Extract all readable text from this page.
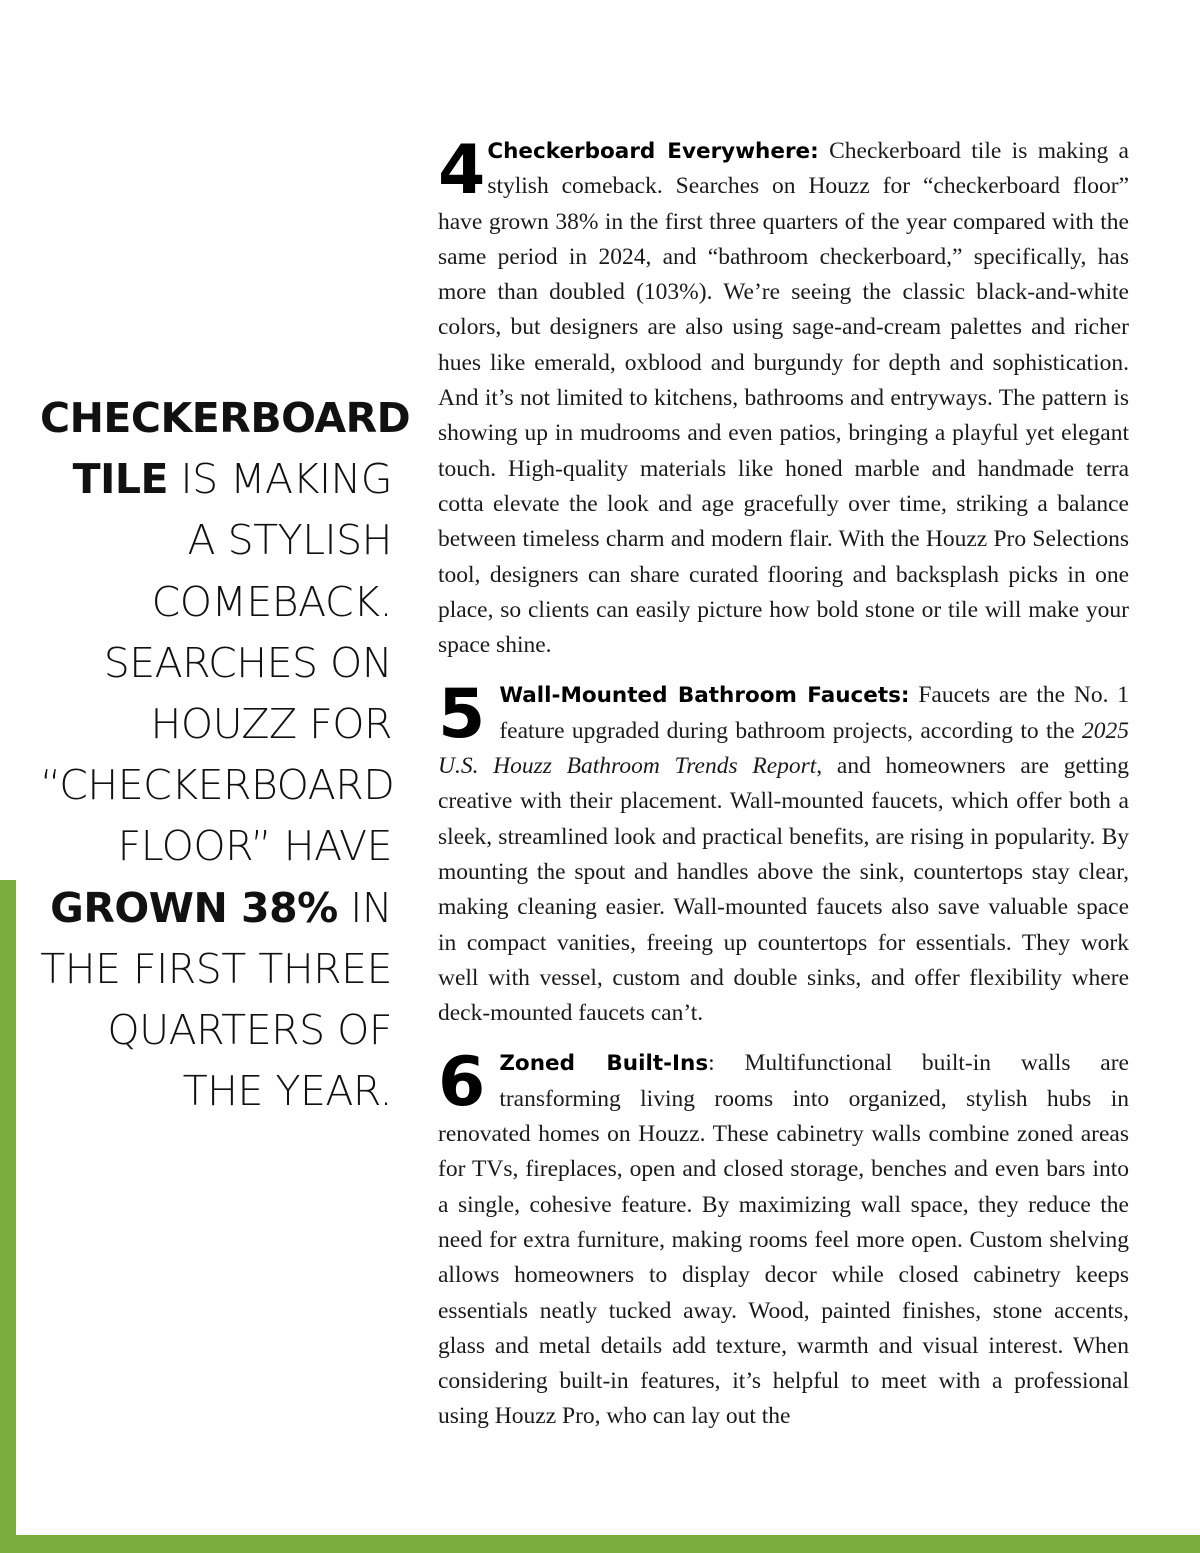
CHECKERBOARD
TILE IS MAKING A STYLISH COMEBACK. SEARCHES ON HOUZZ FOR “CHECKERBOARD FLOOR” HAVE GROWN 38% IN THE FIRST THREE QUARTERS OF THE YEAR.

4 Checkerboard Everywhere: Checkerboard tile is making a stylish comeback. Searches on Houzz for “checkerboard floor” have grown 38% in the first three quarters of the year compared with the same period in 2024, and “bathroom checkerboard,” specifically, has more than doubled (103%). We’re seeing the classic black-and-white colors, but designers are also using sage-and-cream palettes and richer hues like emerald, oxblood and burgundy for depth and sophistication. And it’s not limited to kitchens, bathrooms and entryways. The pattern is showing up in mudrooms and even patios, bringing a playful yet elegant touch. High-quality materials like honed marble and handmade terra cotta elevate the look and age gracefully over time, striking a balance between timeless charm and modern flair. With the Houzz Pro Selections tool, designers can share curated flooring and backsplash picks in one place, so clients can easily picture how bold stone or tile will make your space shine.

5 Wall-Mounted Bathroom Faucets: Faucets are the No. 1 feature upgraded during bathroom projects, according to the 2025 U.S. Houzz Bathroom Trends Report, and homeowners are getting creative with their placement. Wall-mounted faucets, which offer both a sleek, streamlined look and practical benefits, are rising in popularity. By mounting the spout and handles above the sink, countertops stay clear, making cleaning easier. Wall-mounted faucets also save valuable space in compact vanities, freeing up countertops for essentials. They work well with vessel, custom and double sinks, and offer flexibility where deck-mounted faucets can’t.

6 Zoned Built-Ins: Multifunctional built-in walls are transforming living rooms into organized, stylish hubs in renovated homes on Houzz. These cabinetry walls combine zoned areas for TVs, fireplaces, open and closed storage, benches and even bars into a single, cohesive feature. By maximizing wall space, they reduce the need for extra furniture, making rooms feel more open. Custom shelving allows homeowners to display decor while closed cabinetry keeps essentials neatly tucked away. Wood, painted finishes, stone accents, glass and metal details add texture, warmth and visual interest. When considering built-in features, it’s helpful to meet with a professional using Houzz Pro, who can lay out the
